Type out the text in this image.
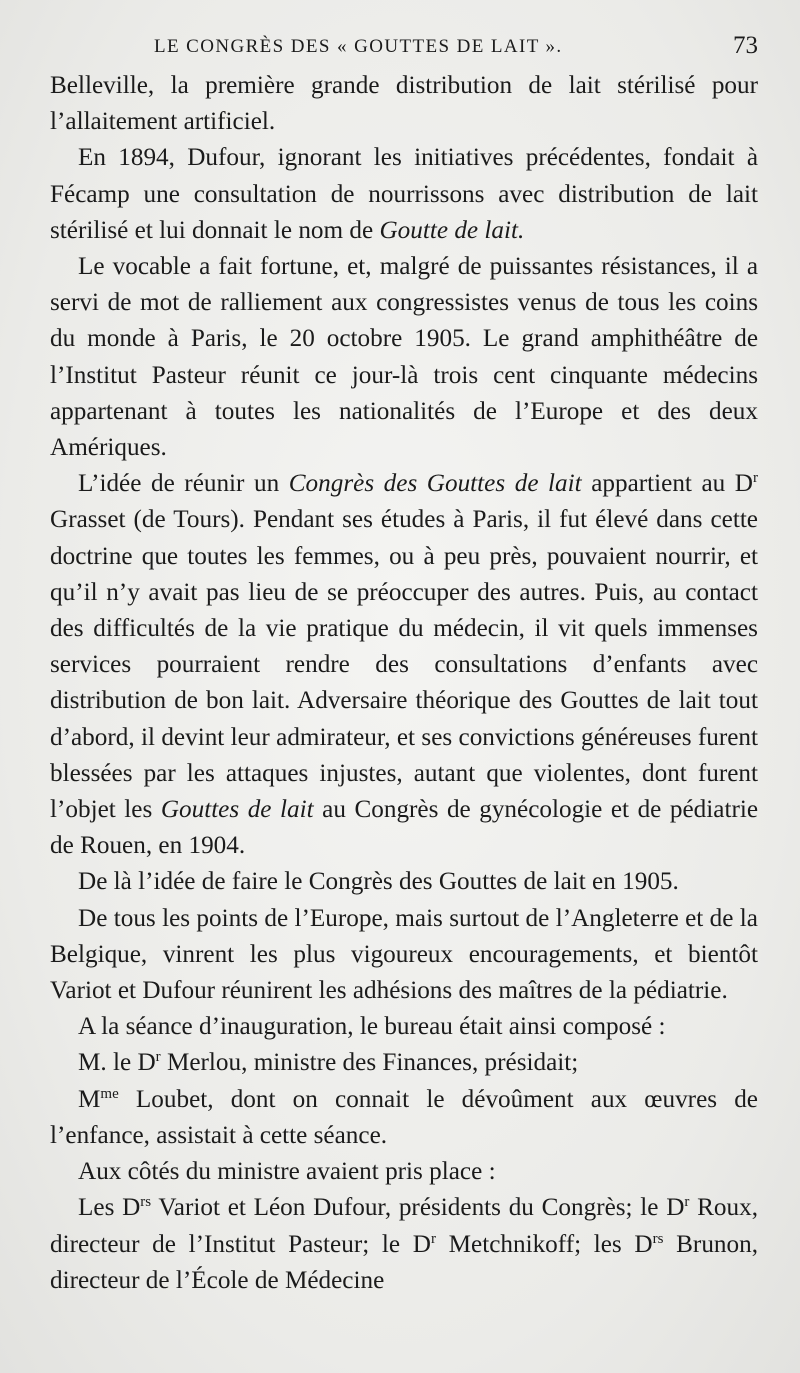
LE CONGRÈS DES « GOUTTES DE LAIT ».	73

Belleville, la première grande distribution de lait stérilisé pour l’allaitement artificiel.

En 1894, Dufour, ignorant les initiatives précédentes, fondait à Fécamp une consultation de nourrissons avec distribution de lait stérilisé et lui donnait le nom de Goutte de lait.

Le vocable a fait fortune, et, malgré de puissantes résistances, il a servi de mot de ralliement aux congressistes venus de tous les coins du monde à Paris, le 20 octobre 1905. Le grand amphithéâtre de l’Institut Pasteur réunit ce jour-là trois cent cinquante médecins appartenant à toutes les nationalités de l’Europe et des deux Amériques.

L’idée de réunir un Congrès des Gouttes de lait appartient au $D^r$ Grasset (de Tours). Pendant ses études à Paris, il fut élevé dans cette doctrine que toutes les femmes, ou à peu près, pouvaient nourrir, et qu’il n’y avait pas lieu de se préoccuper des autres. Puis, au contact des difficultés de la vie pratique du médecin, il vit quels immenses services pourraient rendre des consultations d’enfants avec distribution de bon lait. Adversaire théorique des Gouttes de lait tout d’abord, il devint leur admirateur, et ses convictions généreuses furent blessées par les attaques injustes, autant que violentes, dont furent l’objet les Gouttes de lait au Congrès de gynécologie et de pédiatrie de Rouen, en 1904.

De là l’idée de faire le Congrès des Gouttes de lait en 1905.

De tous les points de l’Europe, mais surtout de l’Angleterre et de la Belgique, vinrent les plus vigoureux encouragements, et bientôt Variot et Dufour réunirent les adhésions des maîtres de la pédiatrie.

A la séance d’inauguration, le bureau était ainsi composé :

M. le $D^r$ Merlou, ministre des Finances, présidait;

$M^{me}$ Loubet, dont on connait le dévoûment aux œuvres de l’enfance, assistait à cette séance.

Aux côtés du ministre avaient pris place :

Les $D^{rs}$ Variot et Léon Dufour, présidents du Congrès; le $D^r$ Roux, directeur de l’Institut Pasteur; le $D^r$ Metchnikoff; les $D^{rs}$ Brunon, directeur de l’École de Médecine
